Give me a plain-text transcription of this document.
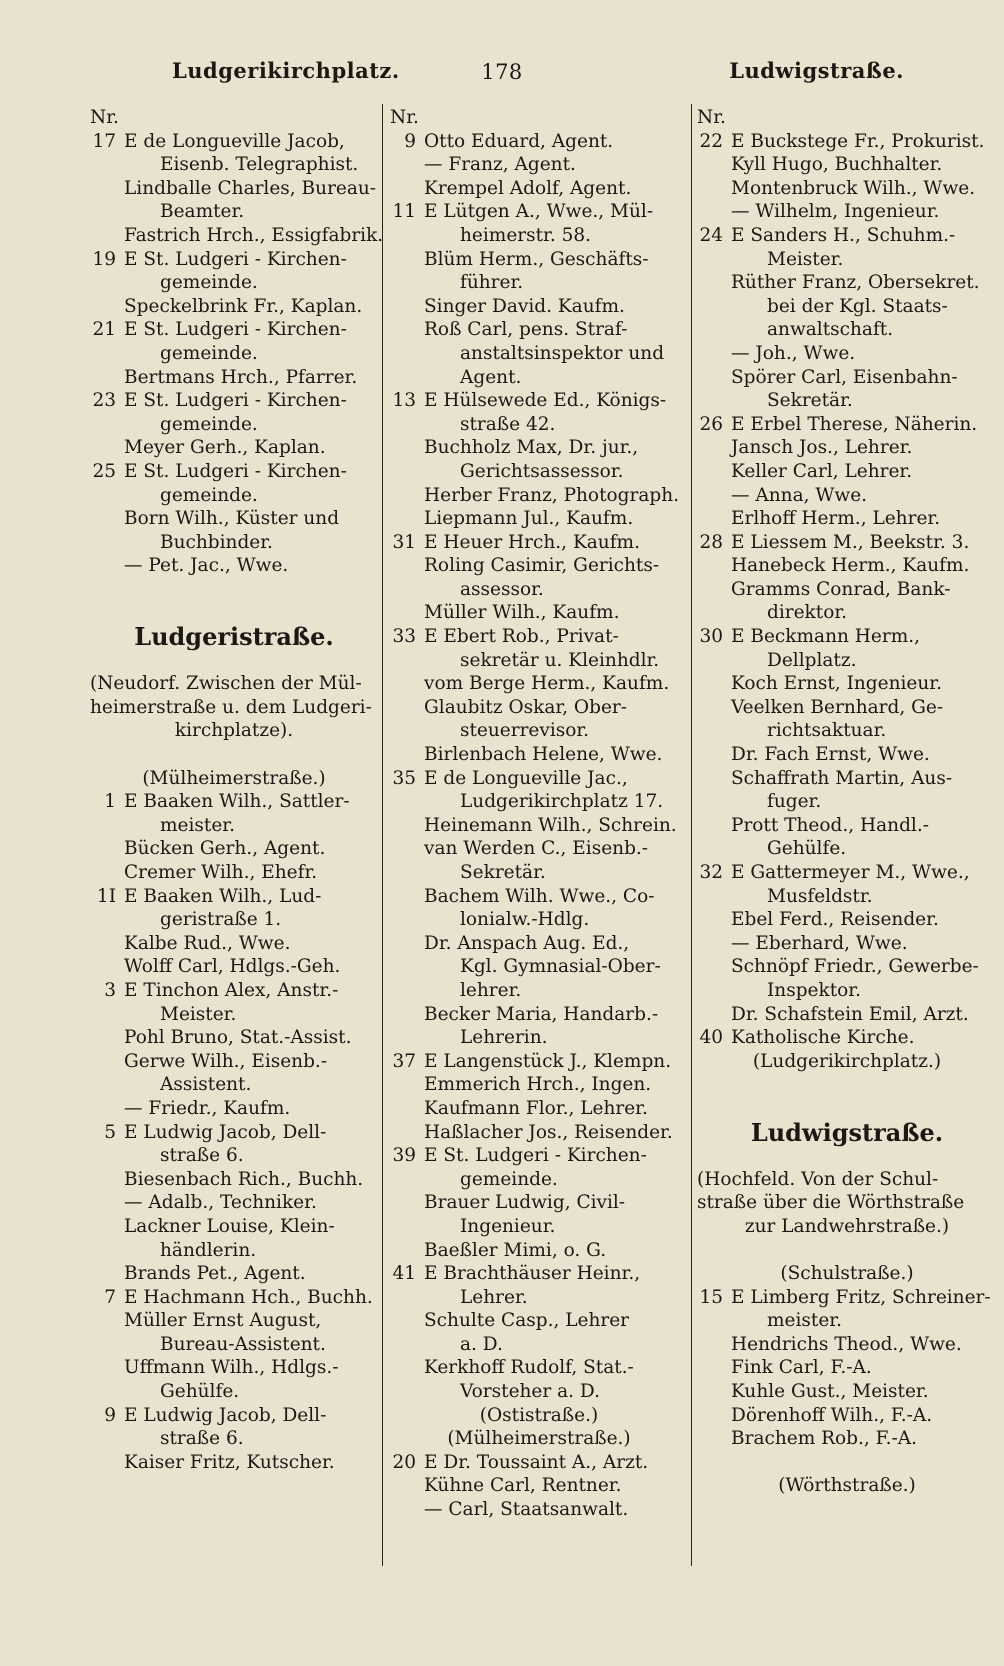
Ludgerikirchplatz.	178	Ludwigstraße.
Nr.
17 E de Longueville Jacob,
Eisenb. Telegraphist.
Lindballe Charles, Bureau-
Beamter.
Fastrich Hrch., Essigfabrik.
19 E St. Ludgeri - Kirchen-
gemeinde.
Speckelbrink Fr., Kaplan.
21 E St. Ludgeri - Kirchen-
gemeinde.
Bertmans Hrch., Pfarrer.
23 E St. Ludgeri - Kirchen-
gemeinde.
Meyer Gerh., Kaplan.
25 E St. Ludgeri - Kirchen-
gemeinde.
Born Wilh., Küster und
Buchbinder.
— Pet. Jac., Wwe.
Ludgeristraße.
(Neudorf. Zwischen der Mül-
heimerstraße u. dem Ludgeri-
kirchplatze).
(Mülheimerstraße.)
1 E Baaken Wilh., Sattler-
meister.
Bücken Gerh., Agent.
Cremer Wilh., Ehefr.
1I E Baaken Wilh., Lud-
geristraße 1.
Kalbe Rud., Wwe.
Wolff Carl, Hdlgs.-Geh.
3 E Tinchon Alex, Anstr.-
Meister.
Pohl Bruno, Stat.-Assist.
Gerwe Wilh., Eisenb.-
Assistent.
— Friedr., Kaufm.
5 E Ludwig Jacob, Dell-
straße 6.
Biesenbach Rich., Buchh.
— Adalb., Techniker.
Lackner Louise, Klein-
händlerin.
Brands Pet., Agent.
7 E Hachmann Hch., Buchh.
Müller Ernst August,
Bureau-Assistent.
Uffmann Wilh., Hdlgs.-
Gehülfe.
9 E Ludwig Jacob, Dell-
straße 6.
Kaiser Fritz, Kutscher.
Nr.
9 Otto Eduard, Agent.
— Franz, Agent.
Krempel Adolf, Agent.
11 E Lütgen A., Wwe., Mül-
heimerstr. 58.
Blüm Herm., Geschäfts-
führer.
Singer David. Kaufm.
Roß Carl, pens. Straf-
anstaltsinspektor und
Agent.
13 E Hülsewede Ed., Königs-
straße 42.
Buchholz Max, Dr. jur.,
Gerichtsassessor.
Herber Franz, Photograph.
Liepmann Jul., Kaufm.
31 E Heuer Hrch., Kaufm.
Roling Casimir, Gerichts-
assessor.
Müller Wilh., Kaufm.
33 E Ebert Rob., Privat-
sekretär u. Kleinhdlr.
vom Berge Herm., Kaufm.
Glaubitz Oskar, Ober-
steuerrevisor.
Birlenbach Helene, Wwe.
35 E de Longueville Jac.,
Ludgerikirchplatz 17.
Heinemann Wilh., Schrein.
van Werden C., Eisenb.-
Sekretär.
Bachem Wilh. Wwe., Co-
lonialw.-Hdlg.
Dr. Anspach Aug. Ed.,
Kgl. Gymnasial-Ober-
lehrer.
Becker Maria, Handarb.-
Lehrerin.
37 E Langenstück J., Klempn.
Emmerich Hrch., Ingen.
Kaufmann Flor., Lehrer.
Haßlacher Jos., Reisender.
39 E St. Ludgeri - Kirchen-
gemeinde.
Brauer Ludwig, Civil-
Ingenieur.
Baeßler Mimi, o. G.
41 E Brachthäuser Heinr.,
Lehrer.
Schulte Casp., Lehrer
a. D.
Kerkhoff Rudolf, Stat.-
Vorsteher a. D.
(Ostistraße.)
(Mülheimerstraße.)
20 E Dr. Toussaint A., Arzt.
Kühne Carl, Rentner.
— Carl, Staatsanwalt.
Nr.
22 E Buckstege Fr., Prokurist.
Kyll Hugo, Buchhalter.
Montenbruck Wilh., Wwe.
— Wilhelm, Ingenieur.
24 E Sanders H., Schuhm.-
Meister.
Rüther Franz, Obersekret.
bei der Kgl. Staats-
anwaltschaft.
— Joh., Wwe.
Spörer Carl, Eisenbahn-
Sekretär.
26 E Erbel Therese, Näherin.
Jansch Jos., Lehrer.
Keller Carl, Lehrer.
— Anna, Wwe.
Erlhoff Herm., Lehrer.
28 E Liessem M., Beekstr. 3.
Hanebeck Herm., Kaufm.
Gramms Conrad, Bank-
direktor.
30 E Beckmann Herm.,
Dellplatz.
Koch Ernst, Ingenieur.
Veelken Bernhard, Ge-
richtsaktuar.
Dr. Fach Ernst, Wwe.
Schaffrath Martin, Aus-
fuger.
Prott Theod., Handl.-
Gehülfe.
32 E Gattermeyer M., Wwe.,
Musfeldstr.
Ebel Ferd., Reisender.
— Eberhard, Wwe.
Schnöpf Friedr., Gewerbe-
Inspektor.
Dr. Schafstein Emil, Arzt.
40 Katholische Kirche.
(Ludgerikirchplatz.)
Ludwigstraße.
(Hochfeld. Von der Schul-
straße über die Wörthstraße
zur Landwehrstraße.)
(Schulstraße.)
15 E Limberg Fritz, Schreiner-
meister.
Hendrichs Theod., Wwe.
Fink Carl, F.-A.
Kuhle Gust., Meister.
Dörenhoff Wilh., F.-A.
Brachem Rob., F.-A.
(Wörthstraße.)
